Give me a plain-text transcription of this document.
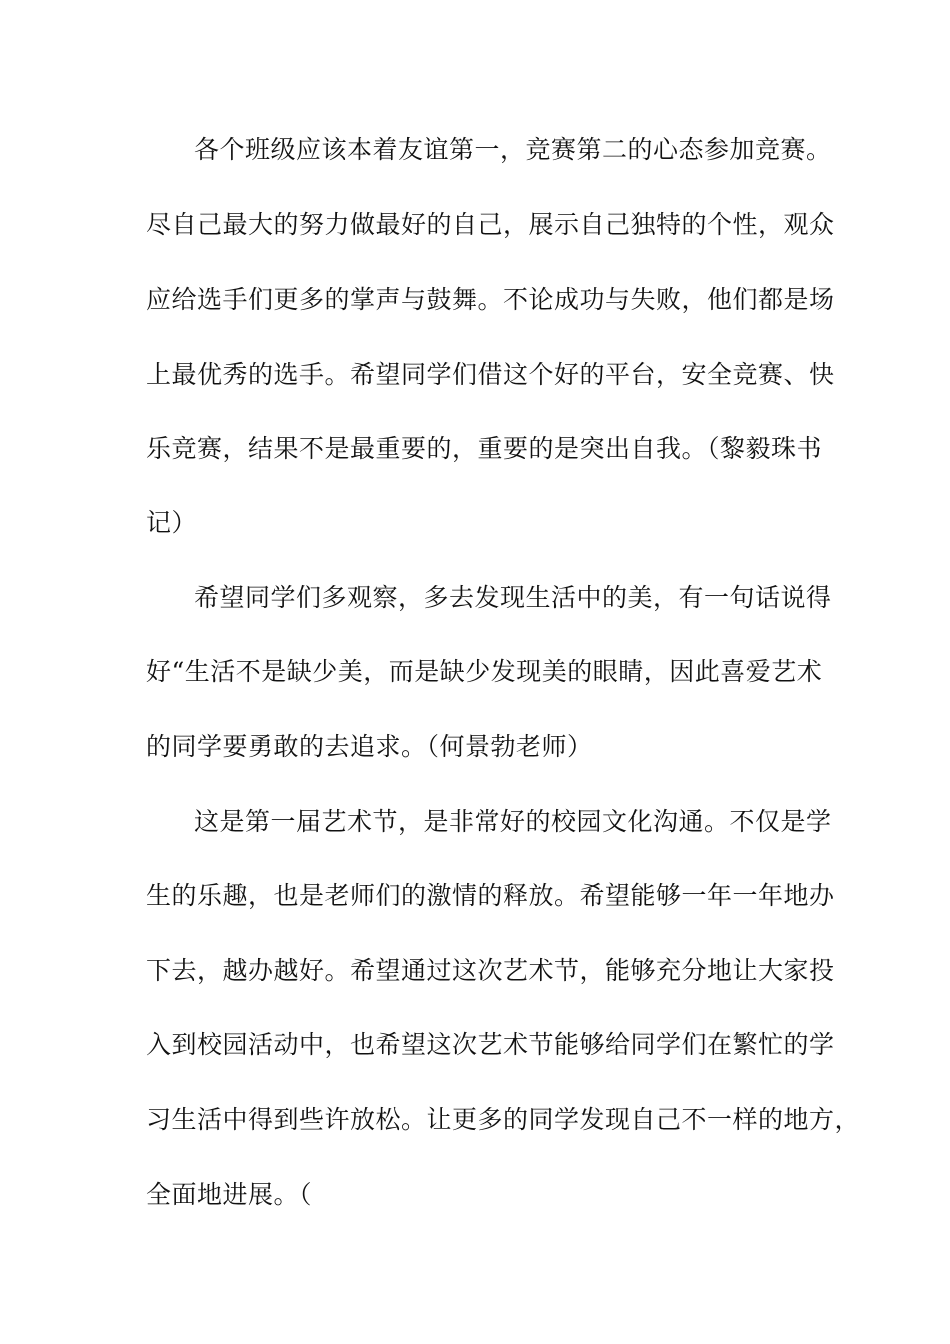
各个班级应该本着友谊第一，竞赛第二的心态参加竞赛。
尽自己最大的努力做最好的自己，展示自己独特的个性，观众
应给选手们更多的掌声与鼓舞。不论成功与失败，他们都是场
上最优秀的选手。希望同学们借这个好的平台，安全竞赛、快
乐竞赛，结果不是最重要的，重要的是突出自我。（黎毅珠书
记）
希望同学们多观察，多去发现生活中的美，有一句话说得
好“生活不是缺少美，而是缺少发现美的眼睛，因此喜爱艺术
的同学要勇敢的去追求。（何景勃老师）
这是第一届艺术节，是非常好的校园文化沟通。不仅是学
生的乐趣，也是老师们的激情的释放。希望能够一年一年地办
下去，越办越好。希望通过这次艺术节，能够充分地让大家投
入到校园活动中，也希望这次艺术节能够给同学们在繁忙的学
习生活中得到些许放松。让更多的同学发现自己不一样的地方，
全面地进展。（
